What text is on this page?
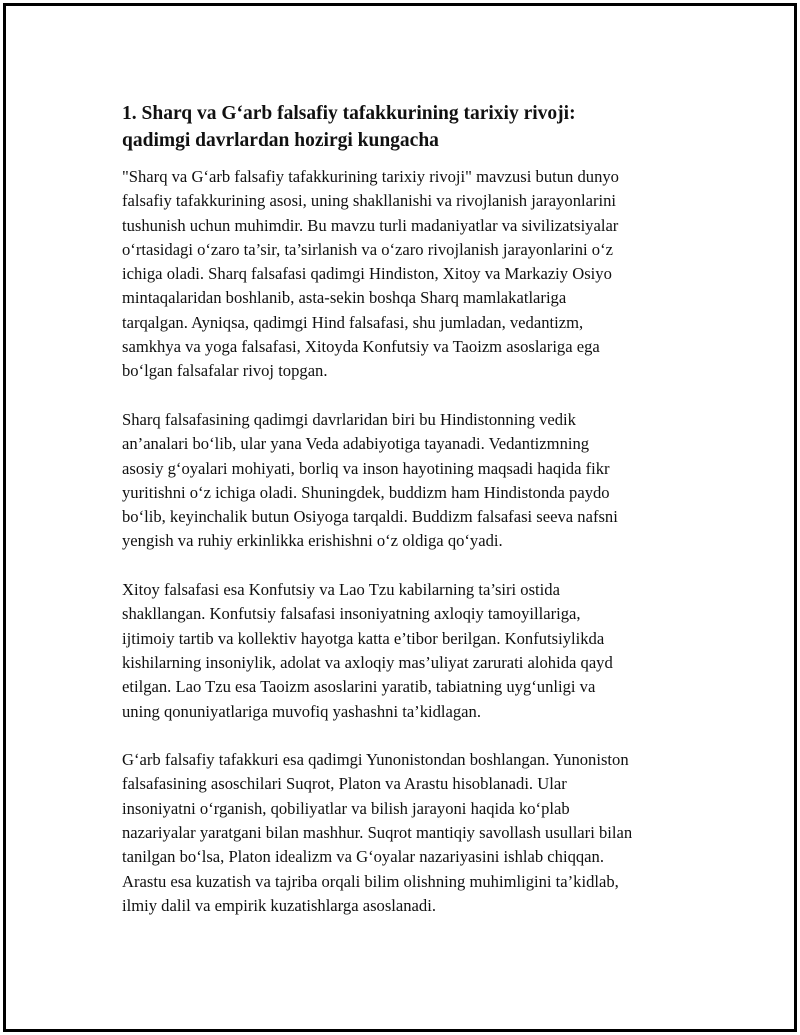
1. Sharq va G‘arb falsafiy tafakkurining tarixiy rivoji:
qadimgi davrlardan hozirgi kungacha

"Sharq va G‘arb falsafiy tafakkurining tarixiy rivoji" mavzusi butun dunyo
falsafiy tafakkurining asosi, uning shakllanishi va rivojlanish jarayonlarini
tushunish uchun muhimdir. Bu mavzu turli madaniyatlar va sivilizatsiyalar
o‘rtasidagi o‘zaro ta’sir, ta’sirlanish va o‘zaro rivojlanish jarayonlarini o‘z
ichiga oladi. Sharq falsafasi qadimgi Hindiston, Xitoy va Markaziy Osiyo
mintaqalaridan boshlanib, asta-sekin boshqa Sharq mamlakatlariga
tarqalgan. Ayniqsa, qadimgi Hind falsafasi, shu jumladan, vedantizm,
samkhya va yoga falsafasi, Xitoyda Konfutsiy va Taoizm asoslariga ega
bo‘lgan falsafalar rivoj topgan.

Sharq falsafasining qadimgi davrlaridan biri bu Hindistonning vedik
an’analari bo‘lib, ular yana Veda adabiyotiga tayanadi. Vedantizmning
asosiy g‘oyalari mohiyati, borliq va inson hayotining maqsadi haqida fikr
yuritishni o‘z ichiga oladi. Shuningdek, buddizm ham Hindistonda paydo
bo‘lib, keyinchalik butun Osiyoga tarqaldi. Buddizm falsafasi seeva nafsni
yengish va ruhiy erkinlikka erishishni o‘z oldiga qo‘yadi.

Xitoy falsafasi esa Konfutsiy va Lao Tzu kabilarning ta’siri ostida
shakllangan. Konfutsiy falsafasi insoniyatning axloqiy tamoyillariga,
ijtimoiy tartib va kollektiv hayotga katta e’tibor berilgan. Konfutsiylikda
kishilarning insoniylik, adolat va axloqiy mas’uliyat zarurati alohida qayd
etilgan. Lao Tzu esa Taoizm asoslarini yaratib, tabiatning uyg‘unligi va
uning qonuniyatlariga muvofiq yashashni ta’kidlagan.

G‘arb falsafiy tafakkuri esa qadimgi Yunonistondan boshlangan. Yunoniston
falsafasining asoschilari Suqrot, Platon va Arastu hisoblanadi. Ular
insoniyatni o‘rganish, qobiliyatlar va bilish jarayoni haqida ko‘plab
nazariyalar yaratgani bilan mashhur. Suqrot mantiqiy savollash usullari bilan
tanilgan bo‘lsa, Platon idealizm va G‘oyalar nazariyasini ishlab chiqqan.
Arastu esa kuzatish va tajriba orqali bilim olishning muhimligini ta’kidlab,
ilmiy dalil va empirik kuzatishlarga asoslanadi.
